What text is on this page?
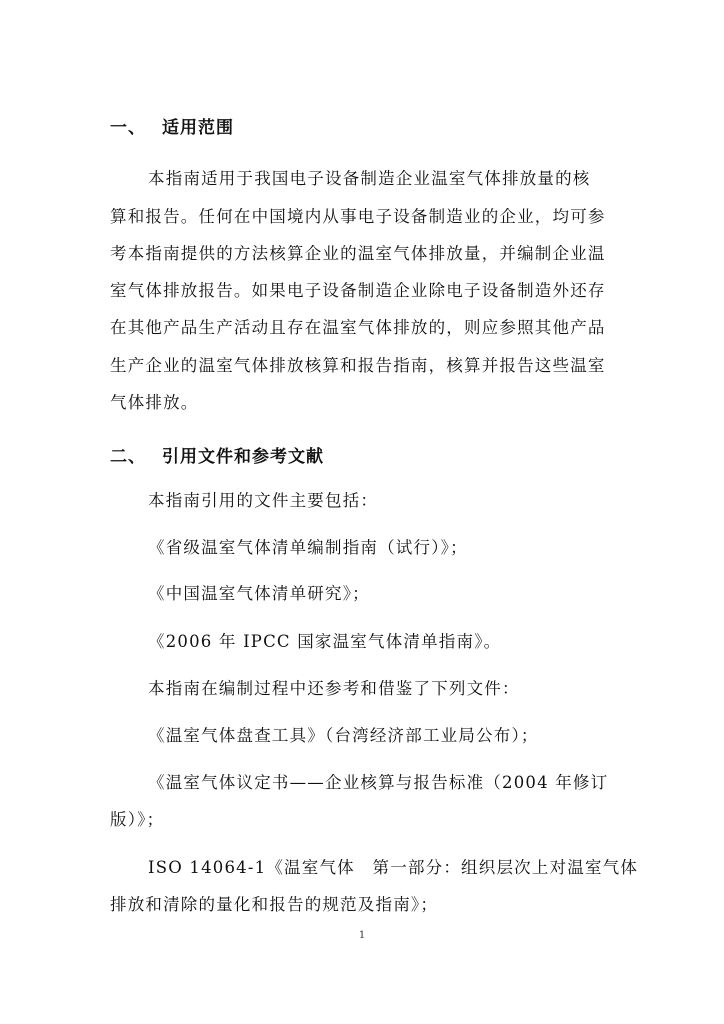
一、 适用范围
本指南适用于我国电子设备制造企业温室气体排放量的核
算和报告。任何在中国境内从事电子设备制造业的企业，均可参
考本指南提供的方法核算企业的温室气体排放量，并编制企业温
室气体排放报告。如果电子设备制造企业除电子设备制造外还存
在其他产品生产活动且存在温室气体排放的，则应参照其他产品
生产企业的温室气体排放核算和报告指南，核算并报告这些温室
气体排放。
二、 引用文件和参考文献
本指南引用的文件主要包括：
《省级温室气体清单编制指南（试行）》；
《中国温室气体清单研究》；
《2006 年 IPCC 国家温室气体清单指南》。
本指南在编制过程中还参考和借鉴了下列文件：
《温室气体盘查工具》（台湾经济部工业局公布）；
《温室气体议定书——企业核算与报告标准（2004 年修订
版）》；
ISO 14064-1《温室气体　第一部分：组织层次上对温室气体
排放和清除的量化和报告的规范及指南》；
1
